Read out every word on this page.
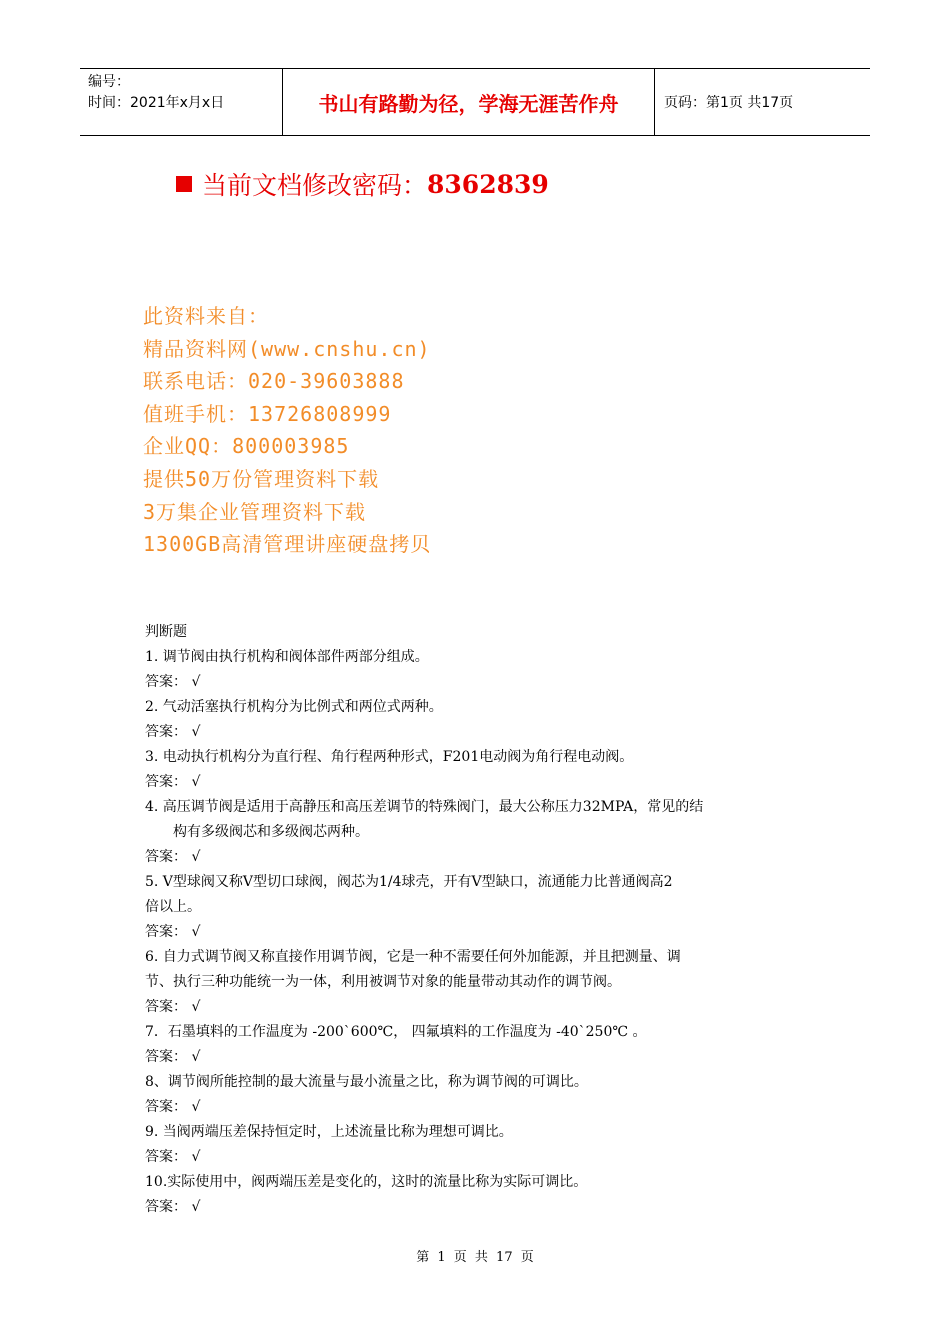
编号：
时间：2021年x月x日	书山有路勤为径，学海无涯苦作舟	页码：第1页 共17页
当前文档修改密码： 8362839
此资料来自：
精品资料网(www.cnshu.cn)
联系电话：020-39603888
值班手机：13726808999
企业QQ：800003985
提供50万份管理资料下载
3万集企业管理资料下载
1300GB高清管理讲座硬盘拷贝
判断题
1. 调节阀由执行机构和阀体部件两部分组成。
答案： √
2. 气动活塞执行机构分为比例式和两位式两种。
答案： √
3. 电动执行机构分为直行程、角行程两种形式，F201电动阀为角行程电动阀。
答案： √
4. 高压调节阀是适用于高静压和高压差调节的特殊阀门，最大公称压力32MPA，常见的结
构有多级阀芯和多级阀芯两种。
答案： √
5. V型球阀又称V型切口球阀，阀芯为1/4球壳，开有V型缺口，流通能力比普通阀高2
倍以上。
答案： √
6. 自力式调节阀又称直接作用调节阀，它是一种不需要任何外加能源，并且把测量、调
节、执行三种功能统一为一体，利用被调节对象的能量带动其动作的调节阀。
答案： √
7．石墨填料的工作温度为 -200`600℃， 四氟填料的工作温度为 -40`250℃ 。
答案： √
8、调节阀所能控制的最大流量与最小流量之比，称为调节阀的可调比。
答案： √
9. 当阀两端压差保持恒定时，上述流量比称为理想可调比。
答案： √
10.实际使用中，阀两端压差是变化的，这时的流量比称为实际可调比。
答案： √
第 1 页 共 17 页
